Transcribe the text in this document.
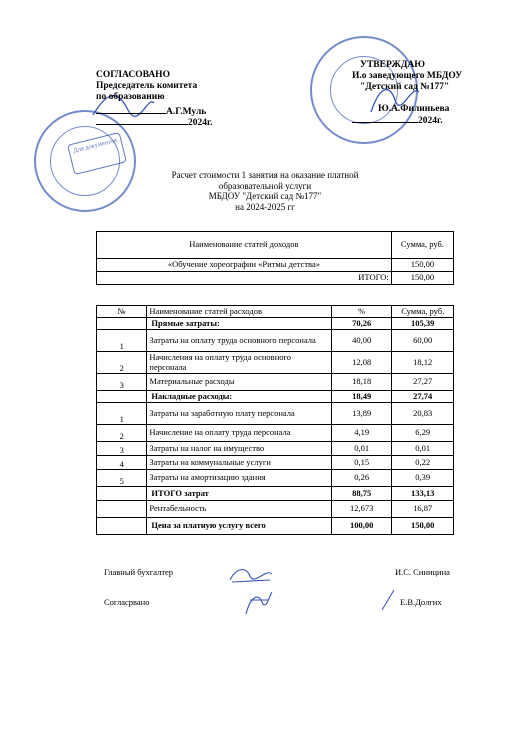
Для документов
СОГЛАСОВАНО
Председатель комитета
по образованию
А.Г.Муль
2024г.
УТВЕРЖДАЮ
И.о заведующего МБДОУ
"Детский сад №177"
Ю.А.Филиньева
2024г.
Расчет стоимости 1 занятия на оказание платной
образовательной услуги
МБДОУ "Детский сад №177"
на 2024-2025 гг
Наименование статей доходов	Сумма, руб.
«Обучение хореографии «Ритмы детства»	150,00
ИТОГО:	150,00
№	Наименование статей расходов	%	Сумма, руб.
	Прямые затраты:	70,26	105,39
1	Затраты на оплату труда основного персонала	40,00	60,00
2	Начисления на оплату труда основного персонала	12,08	18,12
3	Материальные расходы	18,18	27,27
	Накладные расходы:	18,49	27,74
1	Затраты на заработную плату персонала	13,89	20,83
2	Начисление на оплату труда персонала	4,19	6,29
3	Затраты на налог на имущество	0,01	0,01
4	Затраты на коммунальные услуги	0,15	0,22
5	Затраты на амортизацию здания	0,26	0,39
	ИТОГО затрат	88,75	133,13
	Рентабельность	12,673	16,87
	Цена за платную услугу всего	100,00	150,00
Главный бухгалтер	И.С. Синицина
Согласрвано	Е.В.Долгих
